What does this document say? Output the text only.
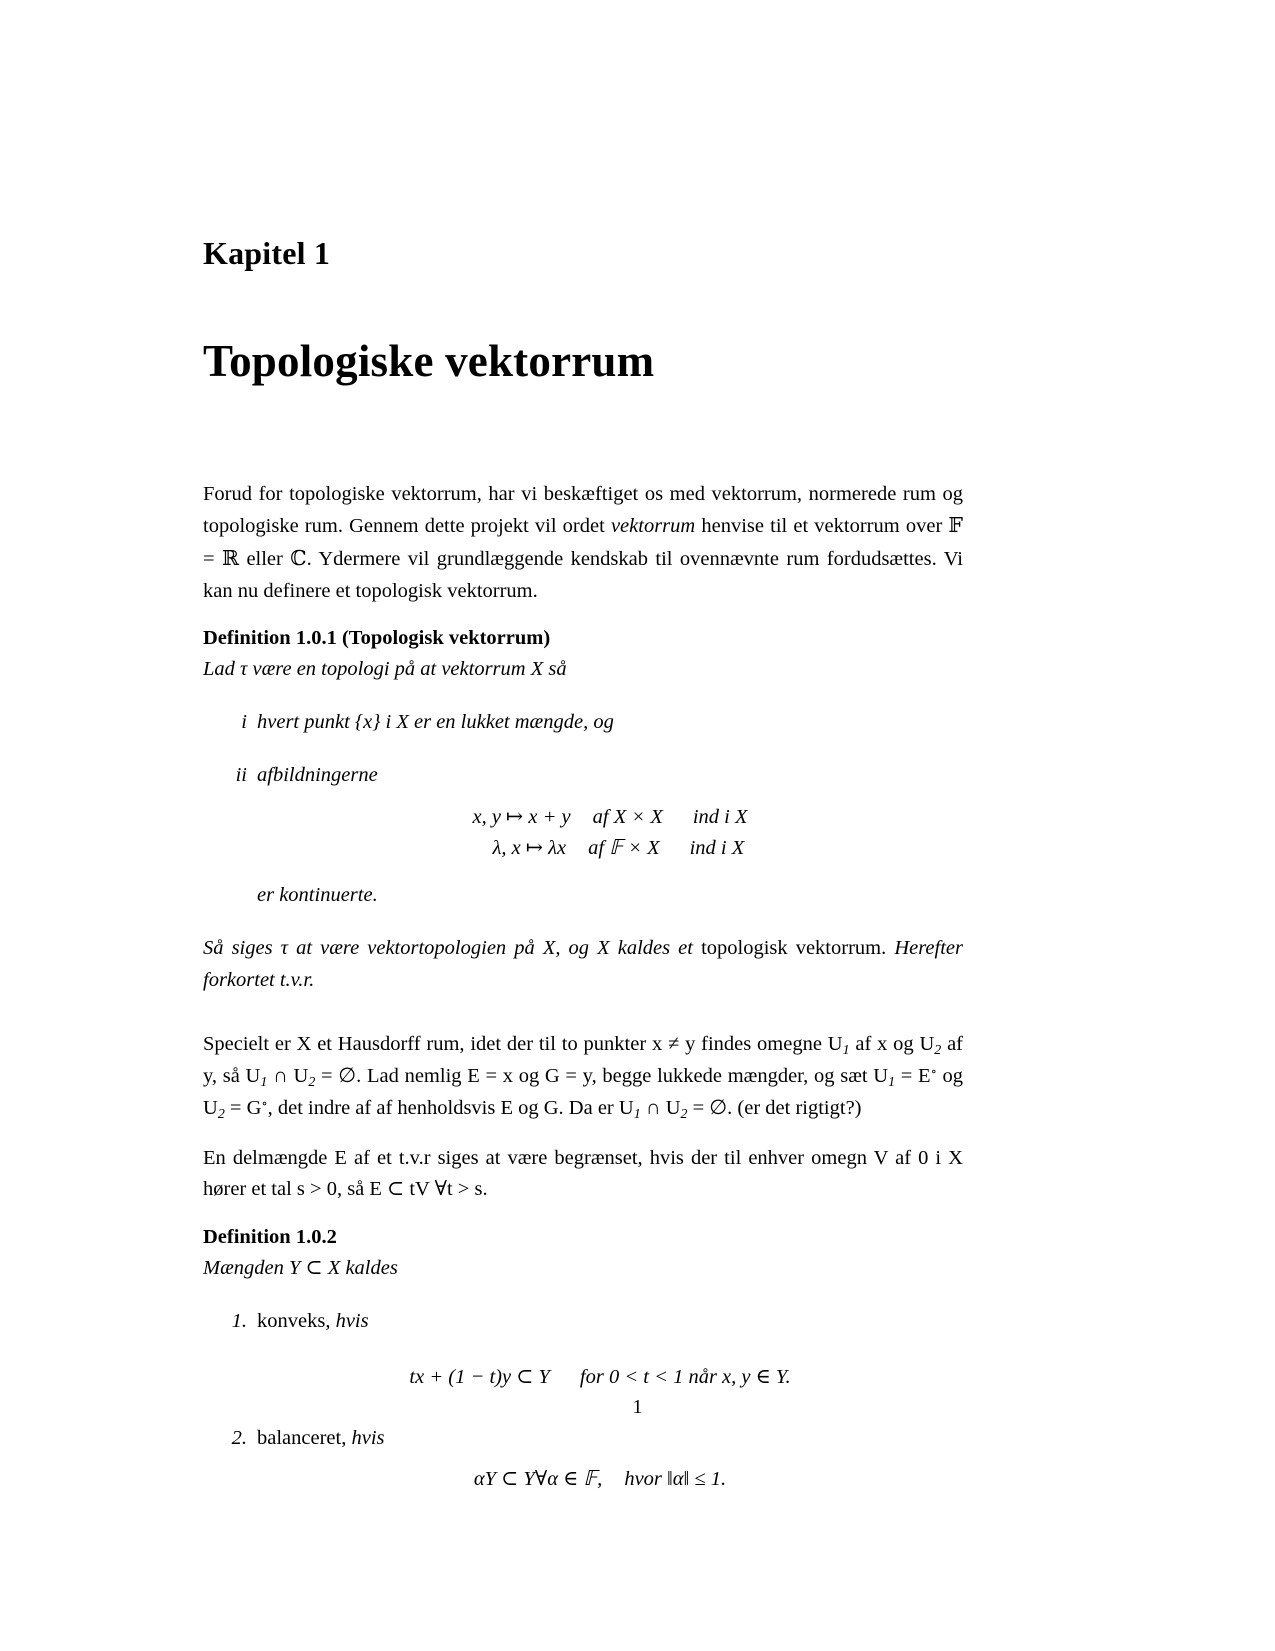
Kapitel 1
Topologiske vektorrum

Forud for topologiske vektorrum, har vi beskæftiget os med vektorrum, normerede rum og topologiske rum. Gennem dette projekt vil ordet vektorrum henvise til et vektorrum over 𝔽 = ℝ eller ℂ. Ydermere vil grundlæggende kendskab til ovennævnte rum fordudsættes. Vi kan nu definere et topologisk vektorrum.

Definition 1.0.1 (Topologisk vektorrum)
Lad τ være en topologi på at vektorrum X så
i hvert punkt {x} i X er en lukket mængde, og
ii afbildningerne
x, y ↦ x + y af X × X ind i X
λ, x ↦ λx af 𝔽 × X ind i X
er kontinuerte.

Så siges τ at være vektortopologien på X, og X kaldes et topologisk vektorrum. Herefter forkortet t.v.r.

Specielt er X et Hausdorff rum, idet der til to punkter x ≠ y findes omegne $U_1$ af x og $U_2$ af y, så $U_1$ ∩ $U_2$ = ∅. Lad nemlig E = x og G = y, begge lukkede mængder, og sæt $U_1 = E^\circ$ og $U_2 = G^\circ$, det indre af af henholdsvis E og G. Da er $U_1$ ∩ $U_2$ = ∅. (er det rigtigt?)

En delmængde E af et t.v.r siges at være begrænset, hvis der til enhver omegn V af 0 i X hører et tal s > 0, så E ⊂ tV ∀t > s.

Definition 1.0.2
Mængden Y ⊂ X kaldes
1. konveks, hvis
tx + (1 − t)y ⊂ Y for 0 < t < 1 når x, y ∈ Y.
2. balanceret, hvis
αY ⊂ Y∀α ∈ 𝔽, hvor ‖α‖ ≤ 1.
1
